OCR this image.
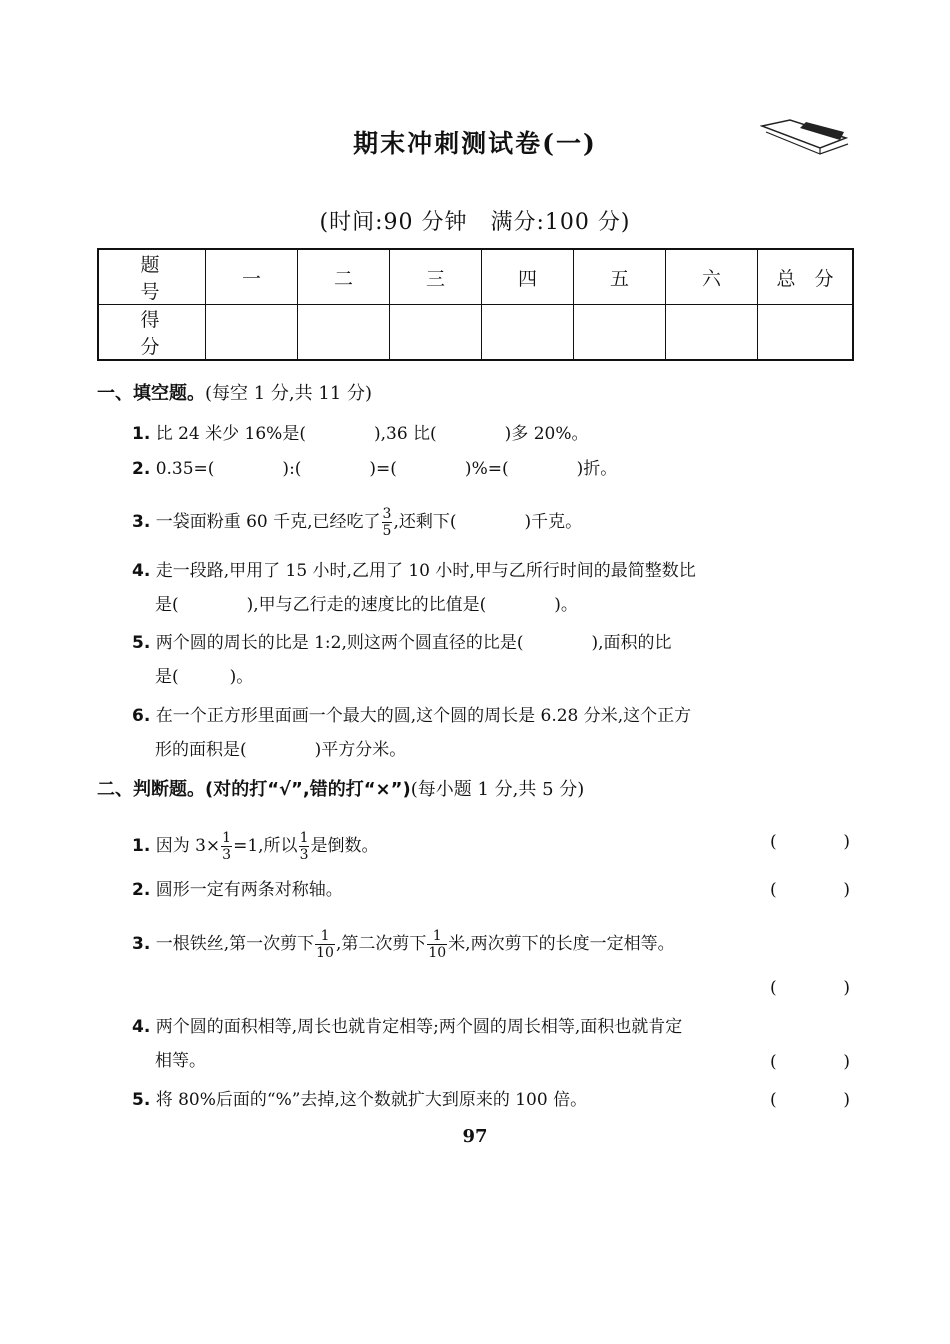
期末冲刺测试卷(一)
(时间:90 分钟　满分:100 分)
题　号	一	二	三	四	五	六	总　分
得　分							
一、填空题。(每空 1 分,共 11 分)
1. 比 24 米少 16%是(　　　　),36 比(　　　　)多 20%。
2. 0.35=(　　　　):(　　　　)=(　　　　)%=(　　　　)折。
3. 一袋面粉重 60 千克,已经吃了 $\frac{3}{5}$ ,还剩下(　　　　)千克。
4. 走一段路,甲用了 15 小时,乙用了 10 小时,甲与乙所行时间的最简整数比
是(　　　　),甲与乙行走的速度比的比值是(　　　　)。
5. 两个圆的周长的比是 1:2,则这两个圆直径的比是(　　　　),面积的比
是(　　　)。
6. 在一个正方形里面画一个最大的圆,这个圆的周长是 6.28 分米,这个正方
形的面积是(　　　　)平方分米。
二、判断题。(对的打“√”,错的打“×”)(每小题 1 分,共 5 分)
1. 因为 $3\times \frac{1}{3} =1$,所以 $\frac{1}{3}$ 是倒数。	(	)
2. 圆形一定有两条对称轴。	(	)
3. 一根铁丝,第一次剪下 $\frac{1}{10}$ ,第二次剪下 $\frac{1}{10}$ 米,两次剪下的长度一定相等。
(	)
4. 两个圆的面积相等,周长也就肯定相等;两个圆的周长相等,面积也就肯定
相等。	(	)
5. 将 80%后面的“%”去掉,这个数就扩大到原来的 100 倍。	(	)
97
